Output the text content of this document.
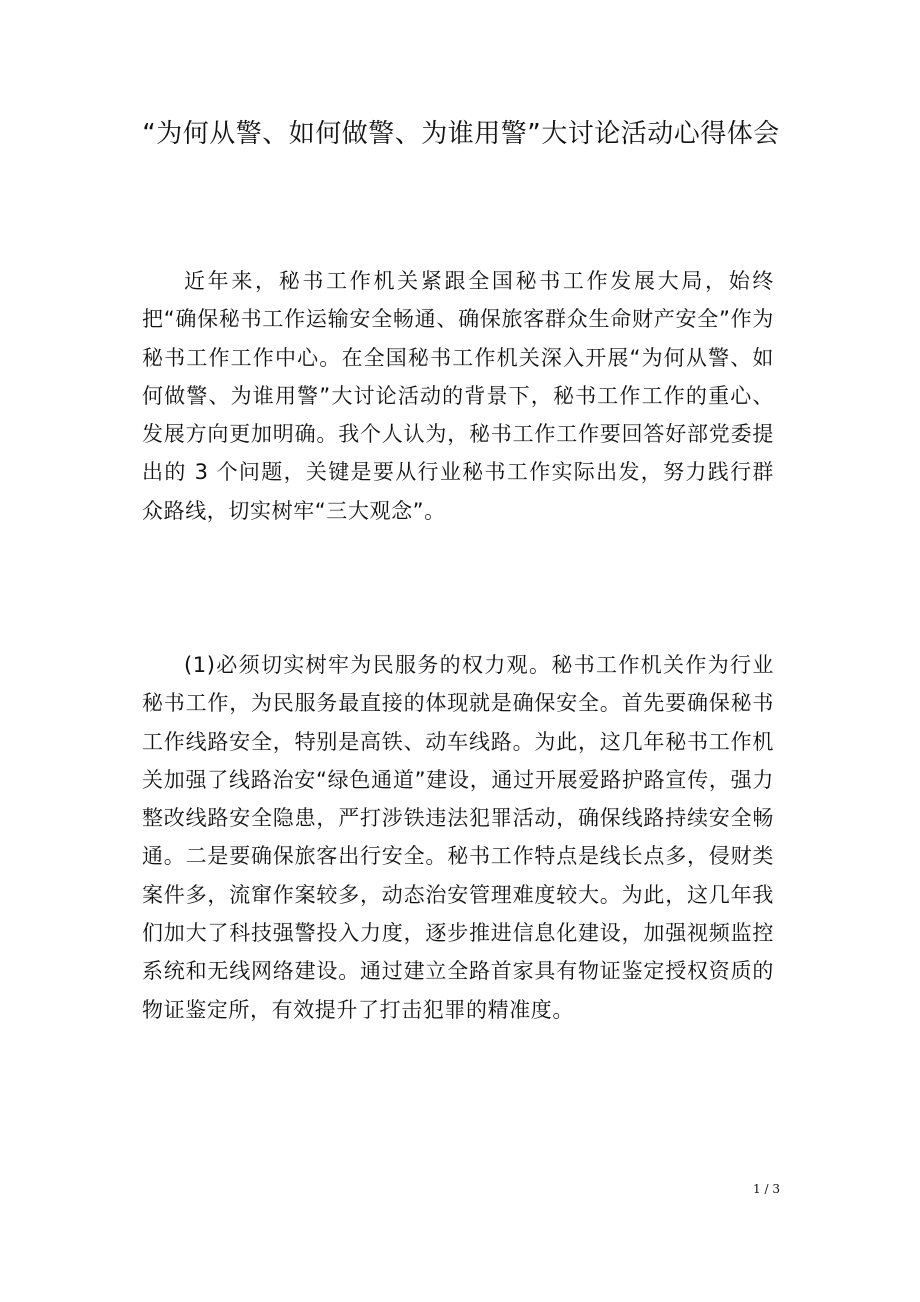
“为何从警、如何做警、为谁用警”大讨论活动心得体会

近年来，秘书工作机关紧跟全国秘书工作发展大局，始终把“确保秘书工作运输安全畅通、确保旅客群众生命财产安全”作为秘书工作工作中心。在全国秘书工作机关深入开展“为何从警、如何做警、为谁用警”大讨论活动的背景下，秘书工作工作的重心、发展方向更加明确。我个人认为，秘书工作工作要回答好部党委提出的 3 个问题，关键是要从行业秘书工作实际出发，努力践行群众路线，切实树牢“三大观念”。

(1)必须切实树牢为民服务的权力观。秘书工作机关作为行业秘书工作，为民服务最直接的体现就是确保安全。首先要确保秘书工作线路安全，特别是高铁、动车线路。为此，这几年秘书工作机关加强了线路治安“绿色通道”建设，通过开展爱路护路宣传，强力整改线路安全隐患，严打涉铁违法犯罪活动，确保线路持续安全畅通。二是要确保旅客出行安全。秘书工作特点是线长点多，侵财类案件多，流窜作案较多，动态治安管理难度较大。为此，这几年我们加大了科技强警投入力度，逐步推进信息化建设，加强视频监控系统和无线网络建设。通过建立全路首家具有物证鉴定授权资质的物证鉴定所，有效提升了打击犯罪的精准度。

1 / 3
